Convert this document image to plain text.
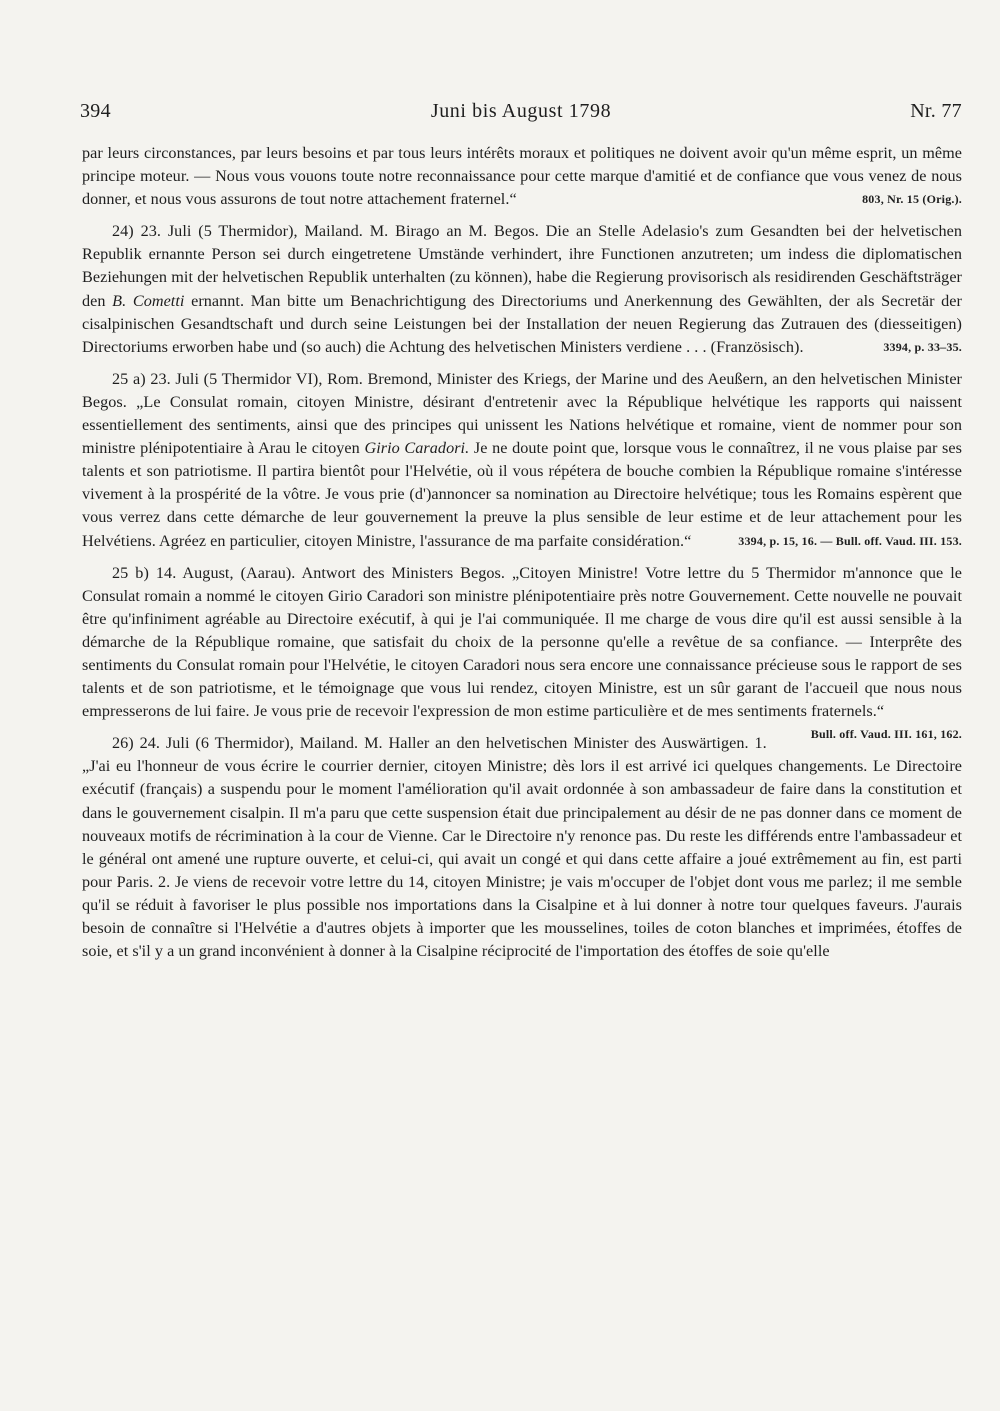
394	Juni bis August 1798	Nr. 77

par leurs circonstances, par leurs besoins et par tous leurs intérêts moraux et politiques ne doivent avoir qu'un même esprit, un même principe moteur. — Nous vous vouons toute notre reconnaissance pour cette marque d'amitié et de confiance que vous venez de nous donner, et nous vous assurons de tout notre attachement fraternel.“	803, Nr. 15 (Orig.).

24) 23. Juli (5 Thermidor), Mailand. M. Birago an M. Begos. Die an Stelle Adelasio's zum Gesandten bei der helvetischen Republik ernannte Person sei durch eingetretene Umstände verhindert, ihre Functionen anzutreten; um indess die diplomatischen Beziehungen mit der helvetischen Republik unterhalten (zu können), habe die Regierung provisorisch als residirenden Geschäftsträger den B. Cometti ernannt. Man bitte um Benachrichtigung des Directoriums und Anerkennung des Gewählten, der als Secretär der cisalpinischen Gesandtschaft und durch seine Leistungen bei der Installation der neuen Regierung das Zutrauen des (diesseitigen) Directoriums erworben habe und (so auch) die Achtung des helvetischen Ministers verdiene . . . (Französisch).	3394, p. 33–35.

25 a) 23. Juli (5 Thermidor VI), Rom. Bremond, Minister des Kriegs, der Marine und des Aeußern, an den helvetischen Minister Begos. „Le Consulat romain, citoyen Ministre, désirant d'entretenir avec la République helvétique les rapports qui naissent essentiellement des sentiments, ainsi que des principes qui unissent les Nations helvétique et romaine, vient de nommer pour son ministre plénipotentiaire à Arau le citoyen Girio Caradori. Je ne doute point que, lorsque vous le connaîtrez, il ne vous plaise par ses talents et son patriotisme. Il partira bientôt pour l'Helvétie, où il vous répétera de bouche combien la République romaine s'intéresse vivement à la prospérité de la vôtre. Je vous prie (d')annoncer sa nomination au Directoire helvétique; tous les Romains espèrent que vous verrez dans cette démarche de leur gouvernement la preuve la plus sensible de leur estime et de leur attachement pour les Helvétiens. Agréez en particulier, citoyen Ministre, l'assurance de ma parfaite considération.“	3394, p. 15, 16. — Bull. off. Vaud. III. 153.

25 b) 14. August, (Aarau). Antwort des Ministers Begos. „Citoyen Ministre! Votre lettre du 5 Thermidor m'annonce que le Consulat romain a nommé le citoyen Girio Caradori son ministre plénipotentiaire près notre Gouvernement. Cette nouvelle ne pouvait être qu'infiniment agréable au Directoire exécutif, à qui je l'ai communiquée. Il me charge de vous dire qu'il est aussi sensible à la démarche de la République romaine, que satisfait du choix de la personne qu'elle a revêtue de sa confiance. — Interprête des sentiments du Consulat romain pour l'Helvétie, le citoyen Caradori nous sera encore une connaissance précieuse sous le rapport de ses talents et de son patriotisme, et le témoignage que vous lui rendez, citoyen Ministre, est un sûr garant de l'accueil que nous nous empresserons de lui faire. Je vous prie de recevoir l'expression de mon estime particulière et de mes sentiments fraternels.“
Bull. off. Vaud. III. 161, 162.

26) 24. Juli (6 Thermidor), Mailand. M. Haller an den helvetischen Minister des Auswärtigen. 1. „J'ai eu l'honneur de vous écrire le courrier dernier, citoyen Ministre; dès lors il est arrivé ici quelques changements. Le Directoire exécutif (français) a suspendu pour le moment l'amélioration qu'il avait ordonnée à son ambassadeur de faire dans la constitution et dans le gouvernement cisalpin. Il m'a paru que cette suspension était due principalement au désir de ne pas donner dans ce moment de nouveaux motifs de récrimination à la cour de Vienne. Car le Directoire n'y renonce pas. Du reste les différends entre l'ambassadeur et le général ont amené une rupture ouverte, et celui-ci, qui avait un congé et qui dans cette affaire a joué extrêmement au fin, est parti pour Paris. 2. Je viens de recevoir votre lettre du 14, citoyen Ministre; je vais m'occuper de l'objet dont vous me parlez; il me semble qu'il se réduit à favoriser le plus possible nos importations dans la Cisalpine et à lui donner à notre tour quelques faveurs. J'aurais besoin de connaître si l'Helvétie a d'autres objets à importer que les mousselines, toiles de coton blanches et imprimées, étoffes de soie, et s'il y a un grand inconvénient à donner à la Cisalpine réciprocité de l'importation des étoffes de soie qu'elle
